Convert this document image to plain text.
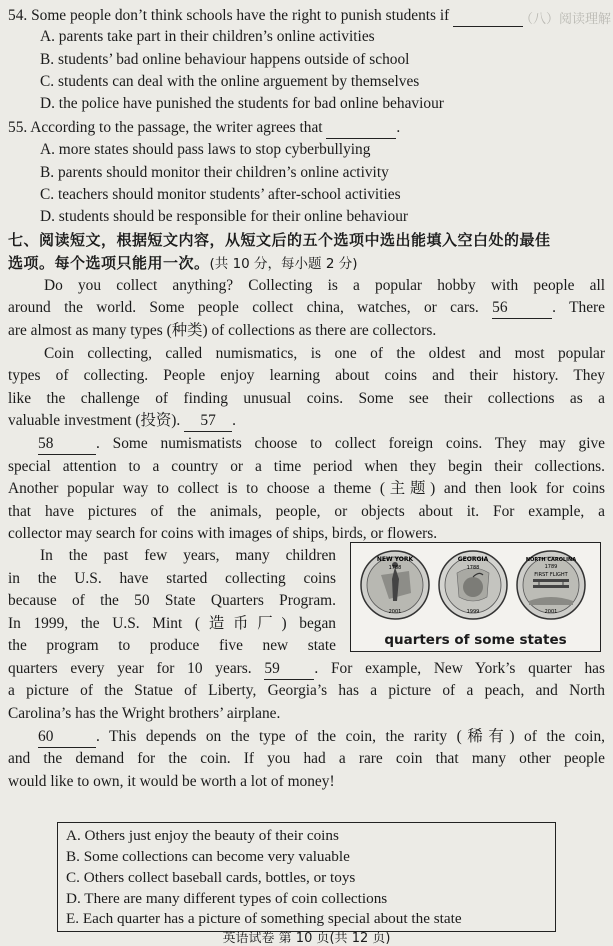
（八）阅读理解
54. Some people don’t think schools have the right to punish students if
A. parents take part in their children’s online activities
B. students’ bad online behaviour happens outside of school
C. students can deal with the online arguement by themselves
D. the police have punished the students for bad online behaviour
55. According to the passage, the writer agrees that	.
A. more states should pass laws to stop cyberbullying
B. parents should monitor their children’s online activity
C. teachers should monitor students’ after-school activities
D. students should be responsible for their online behaviour
七、阅读短文，根据短文内容，从短文后的五个选项中选出能填入空白处的最佳
选项。每个选项只能用一次。(共 10 分，每小题 2 分)
Do you collect anything? Collecting is a popular hobby with people all
around the world. Some people collect china, watches, or cars. 56	. There
are almost as many types (种类) of collections as there are collectors.
Coin collecting, called numismatics, is one of the oldest and most popular
types of collecting. People enjoy learning about coins and their history. They
like the challenge of finding unusual coins. Some see their collections as a
valuable investment (投资). 57 .
58	. Some numismatists choose to collect foreign coins. They may give
special attention to a country or a time period when they begin their collections.
Another popular way to collect is to choose a theme (主题) and then look for coins
that have pictures of the animals, people, or objects about it. For example, a
collector may search for coins with images of ships, birds, or flowers.
In the past few years, many children
in the U.S. have started collecting coins
because of the 50 State Quarters Program.
In 1999, the U.S. Mint (造币厂) began
the program to produce five new state
quarters every year for 10 years. 59 . For example, New York’s quarter has
a picture of the Statue of Liberty, Georgia’s has a picture of a peach, and North
Carolina’s has the Wright brothers’ airplane.
60	. This depends on the type of the coin, the rarity (稀有) of the coin,
and the demand for the coin. If you had a rare coin that many other people
would like to own, it would be worth a lot of money!
NEW YORK
1788
2001
GEORGIA
1788
1999
NORTH CAROLINA
1789
FIRST FLIGHT
2001
quarters of some states
A. Others just enjoy the beauty of their coins
B. Some collections can become very valuable
C. Others collect baseball cards, bottles, or toys
D. There are many different types of coin collections
E. Each quarter has a picture of something special about the state
英语试卷 第 10 页(共 12 页)
